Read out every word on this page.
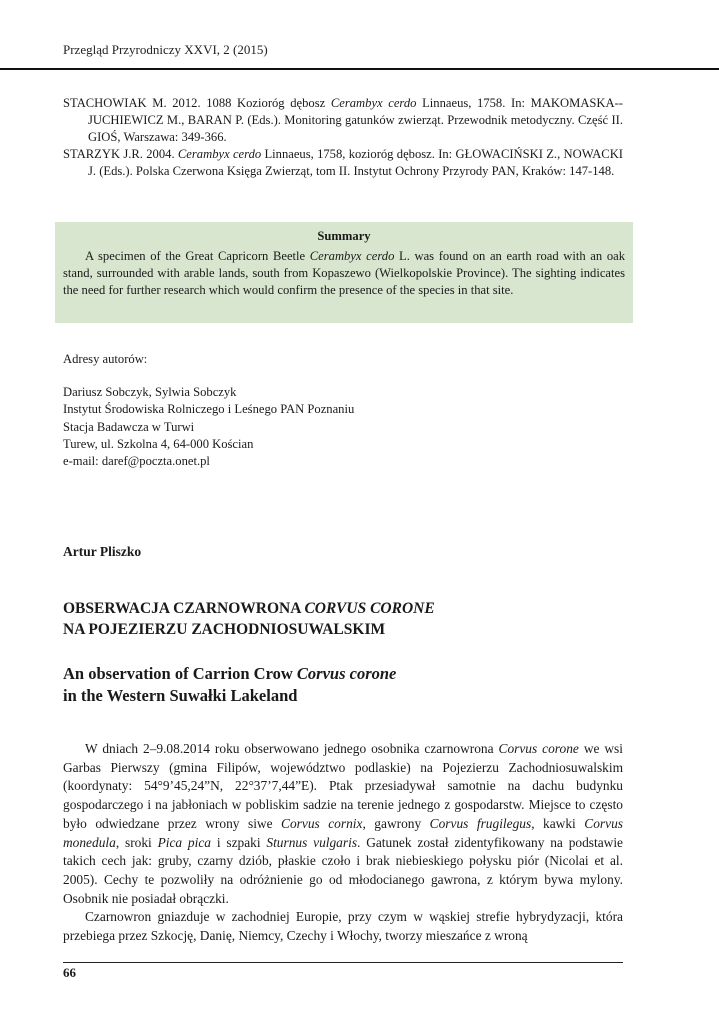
Przegląd Przyrodniczy XXVI, 2 (2015)

STACHOWIAK M. 2012. 1088 Kozioróg dębosz Cerambyx cerdo Linnaeus, 1758. In: MAKOMASKA--JUCHIEWICZ M., BARAN P. (Eds.). Monitoring gatunków zwierząt. Przewodnik metodyczny. Część II. GIOŚ, Warszawa: 349-366.

STARZYK J.R. 2004. Cerambyx cerdo Linnaeus, 1758, kozioróg dębosz. In: GŁOWACIŃSKI Z., NOWACKI J. (Eds.). Polska Czerwona Księga Zwierząt, tom II. Instytut Ochrony Przyrody PAN, Kraków: 147-148.

Summary

A specimen of the Great Capricorn Beetle Cerambyx cerdo L. was found on an earth road with an oak stand, surrounded with arable lands, south from Kopaszewo (Wielkopolskie Province). The sighting indicates the need for further research which would confirm the presence of the species in that site.

Adresy autorów:
Dariusz Sobczyk, Sylwia Sobczyk
Instytut Środowiska Rolniczego i Leśnego PAN Poznaniu
Stacja Badawcza w Turwi
Turew, ul. Szkolna 4, 64-000 Kościan
e-mail: daref@poczta.onet.pl
Artur Pliszko
OBSERWACJA CZARNOWRONA CORVUS CORONE
NA POJEZIERZU ZACHODNIOSUWALSKIM
An observation of Carrion Crow Corvus corone
in the Western Suwałki Lakeland

W dniach 2–9.08.2014 roku obserwowano jednego osobnika czarnowrona Corvus corone we wsi Garbas Pierwszy (gmina Filipów, województwo podlaskie) na Pojezierzu Zachodniosuwalskim (koordynaty: 54°9’45,24”N, 22°37’7,44”E). Ptak przesiadywał samotnie na dachu budynku gospodarczego i na jabłoniach w pobliskim sadzie na terenie jednego z gospodarstw. Miejsce to często było odwiedzane przez wrony siwe Corvus cornix, gawrony Corvus frugilegus, kawki Corvus monedula, sroki Pica pica i szpaki Sturnus vulgaris. Gatunek został zidentyfikowany na podstawie takich cech jak: gruby, czarny dziób, płaskie czoło i brak niebieskiego połysku piór (Nicolai et al. 2005). Cechy te pozwoliły na odróżnienie go od młodocianego gawrona, z którym bywa mylony. Osobnik nie posiadał obrączki.

Czarnowron gniazduje w zachodniej Europie, przy czym w wąskiej strefie hybrydyzacji, która przebiega przez Szkocję, Danię, Niemcy, Czechy i Włochy, tworzy mieszańce z wroną

66
